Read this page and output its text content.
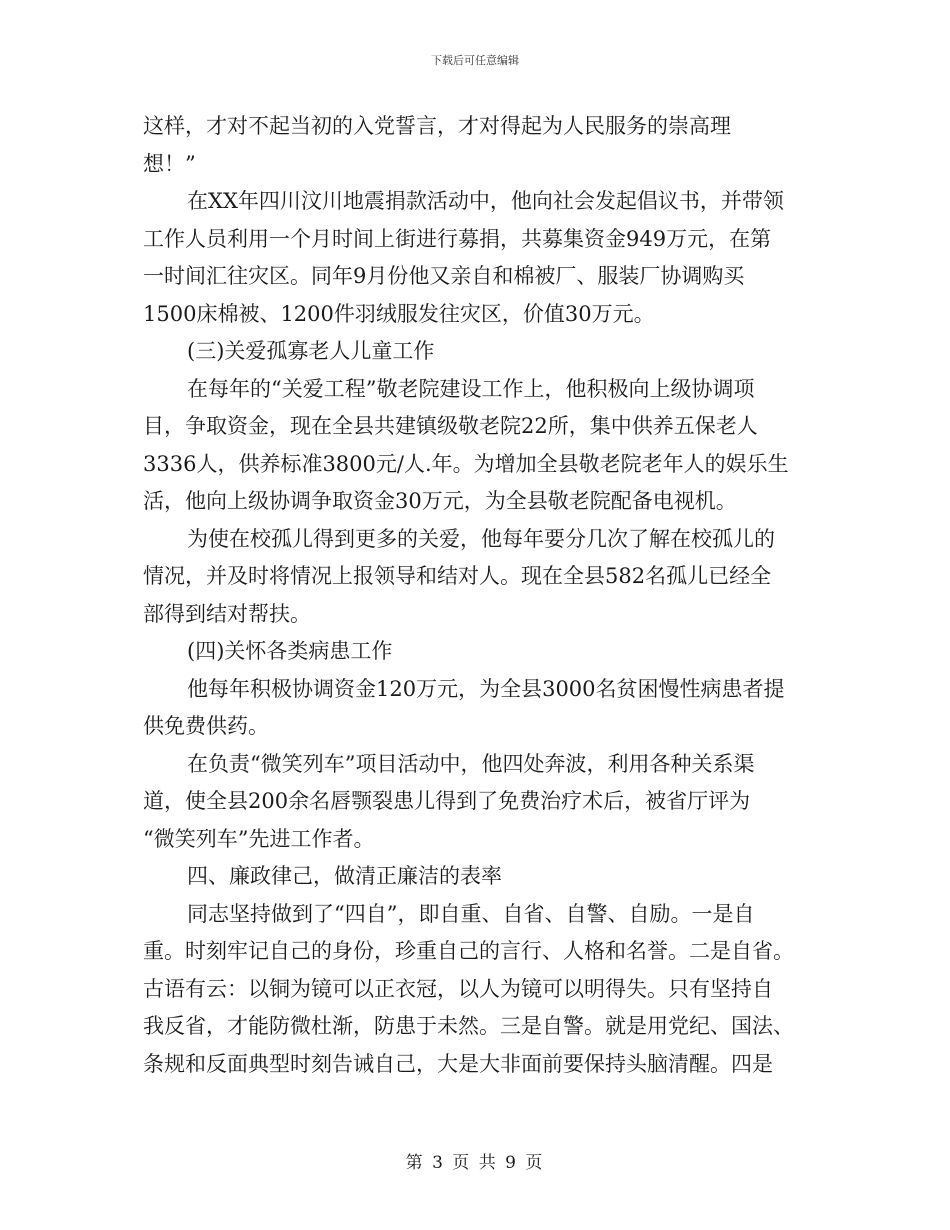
下载后可任意编辑
这样，才对不起当初的入党誓言，才对得起为人民服务的崇高理
想！”
在XX年四川汶川地震捐款活动中，他向社会发起倡议书，并带领
工作人员利用一个月时间上街进行募捐，共募集资金949万元，在第
一时间汇往灾区。同年9月份他又亲自和棉被厂、服装厂协调购买
1500床棉被、1200件羽绒服发往灾区，价值30万元。
(三)关爱孤寡老人儿童工作
在每年的“关爱工程”敬老院建设工作上，他积极向上级协调项
目，争取资金，现在全县共建镇级敬老院22所，集中供养五保老人
3336人，供养标准3800元/人.年。为增加全县敬老院老年人的娱乐生
活，他向上级协调争取资金30万元，为全县敬老院配备电视机。
为使在校孤儿得到更多的关爱，他每年要分几次了解在校孤儿的
情况，并及时将情况上报领导和结对人。现在全县582名孤儿已经全
部得到结对帮扶。
(四)关怀各类病患工作
他每年积极协调资金120万元，为全县3000名贫困慢性病患者提
供免费供药。
在负责“微笑列车”项目活动中，他四处奔波，利用各种关系渠
道，使全县200余名唇颚裂患儿得到了免费治疗术后，被省厅评为
“微笑列车”先进工作者。
四、廉政律己，做清正廉洁的表率
同志坚持做到了“四自”，即自重、自省、自警、自励。一是自
重。时刻牢记自己的身份，珍重自己的言行、人格和名誉。二是自省。
古语有云：以铜为镜可以正衣冠，以人为镜可以明得失。只有坚持自
我反省，才能防微杜渐，防患于未然。三是自警。就是用党纪、国法、
条规和反面典型时刻告诫自己，大是大非面前要保持头脑清醒。四是
第 3 页 共 9 页
